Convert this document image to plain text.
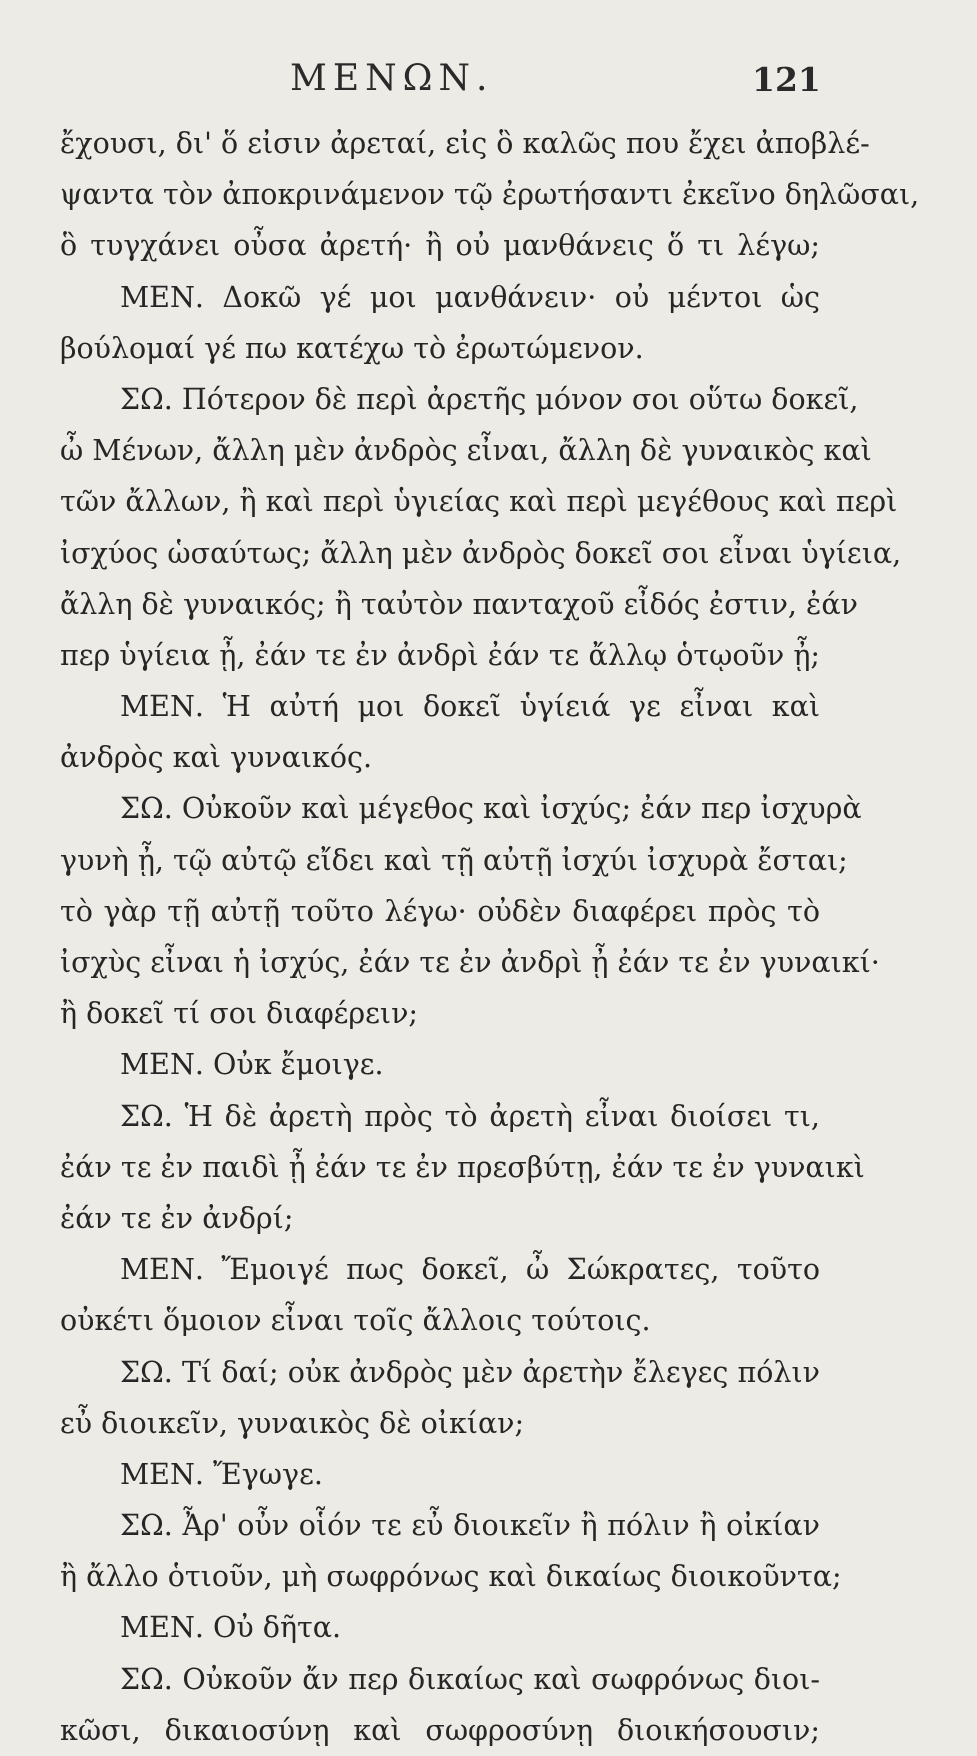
ΜΕΝΩΝ.	121
ἔχουσι, δι' ὅ εἰσιν ἀρεταί, εἰς ὃ καλῶς που ἔχει ἀποβλέ-
ψαντα τὸν ἀποκρινάμενον τῷ ἐρωτήσαντι ἐκεῖνο δηλῶσαι,
ὃ τυγχάνει οὖσα ἀρετή· ἢ οὐ μανθάνεις ὅ τι λέγω;
ΜΕΝ. Δοκῶ γέ μοι μανθάνειν· οὐ μέντοι ὡς
βούλομαί γέ πω κατέχω τὸ ἐρωτώμενον.
ΣΩ. Πότερον δὲ περὶ ἀρετῆς μόνον σοι οὕτω δοκεῖ,
ὦ Μένων, ἄλλη μὲν ἀνδρὸς εἶναι, ἄλλη δὲ γυναικὸς καὶ
τῶν ἄλλων, ἢ καὶ περὶ ὑγιείας καὶ περὶ μεγέθους καὶ περὶ
ἰσχύος ὡσαύτως; ἄλλη μὲν ἀνδρὸς δοκεῖ σοι εἶναι ὑγίεια,
ἄλλη δὲ γυναικός; ἢ ταὐτὸν πανταχοῦ εἶδός ἐστιν, ἐάν
περ ὑγίεια ᾖ, ἐάν τε ἐν ἀνδρὶ ἐάν τε ἄλλῳ ὁτῳοῦν ᾖ;
ΜΕΝ. Ἡ αὐτή μοι δοκεῖ ὑγίειά γε εἶναι καὶ
ἀνδρὸς καὶ γυναικός.
ΣΩ. Οὐκοῦν καὶ μέγεθος καὶ ἰσχύς; ἐάν περ ἰσχυρὰ
γυνὴ ᾖ, τῷ αὐτῷ εἴδει καὶ τῇ αὐτῇ ἰσχύι ἰσχυρὰ ἔσται;
τὸ γὰρ τῇ αὐτῇ τοῦτο λέγω· οὐδὲν διαφέρει πρὸς τὸ
ἰσχὺς εἶναι ἡ ἰσχύς, ἐάν τε ἐν ἀνδρὶ ᾖ ἐάν τε ἐν γυναικί·
ἢ δοκεῖ τί σοι διαφέρειν;
ΜΕΝ. Οὐκ ἔμοιγε.
ΣΩ. Ἡ δὲ ἀρετὴ πρὸς τὸ ἀρετὴ εἶναι διοίσει τι,
ἐάν τε ἐν παιδὶ ᾖ ἐάν τε ἐν πρεσβύτῃ, ἐάν τε ἐν γυναικὶ
ἐάν τε ἐν ἀνδρί;
ΜΕΝ. Ἔμοιγέ πως δοκεῖ, ὦ Σώκρατες, τοῦτο
οὐκέτι ὅμοιον εἶναι τοῖς ἄλλοις τούτοις.
ΣΩ. Τί δαί; οὐκ ἀνδρὸς μὲν ἀρετὴν ἔλεγες πόλιν
εὖ διοικεῖν, γυναικὸς δὲ οἰκίαν;
ΜΕΝ. Ἔγωγε.
ΣΩ. Ἆρ' οὖν οἷόν τε εὖ διοικεῖν ἢ πόλιν ἢ οἰκίαν
ἢ ἄλλο ὁτιοῦν, μὴ σωφρόνως καὶ δικαίως διοικοῦντα;
ΜΕΝ. Οὐ δῆτα.
ΣΩ. Οὐκοῦν ἄν περ δικαίως καὶ σωφρόνως διοι-
κῶσι, δικαιοσύνῃ καὶ σωφροσύνῃ διοικήσουσιν;
